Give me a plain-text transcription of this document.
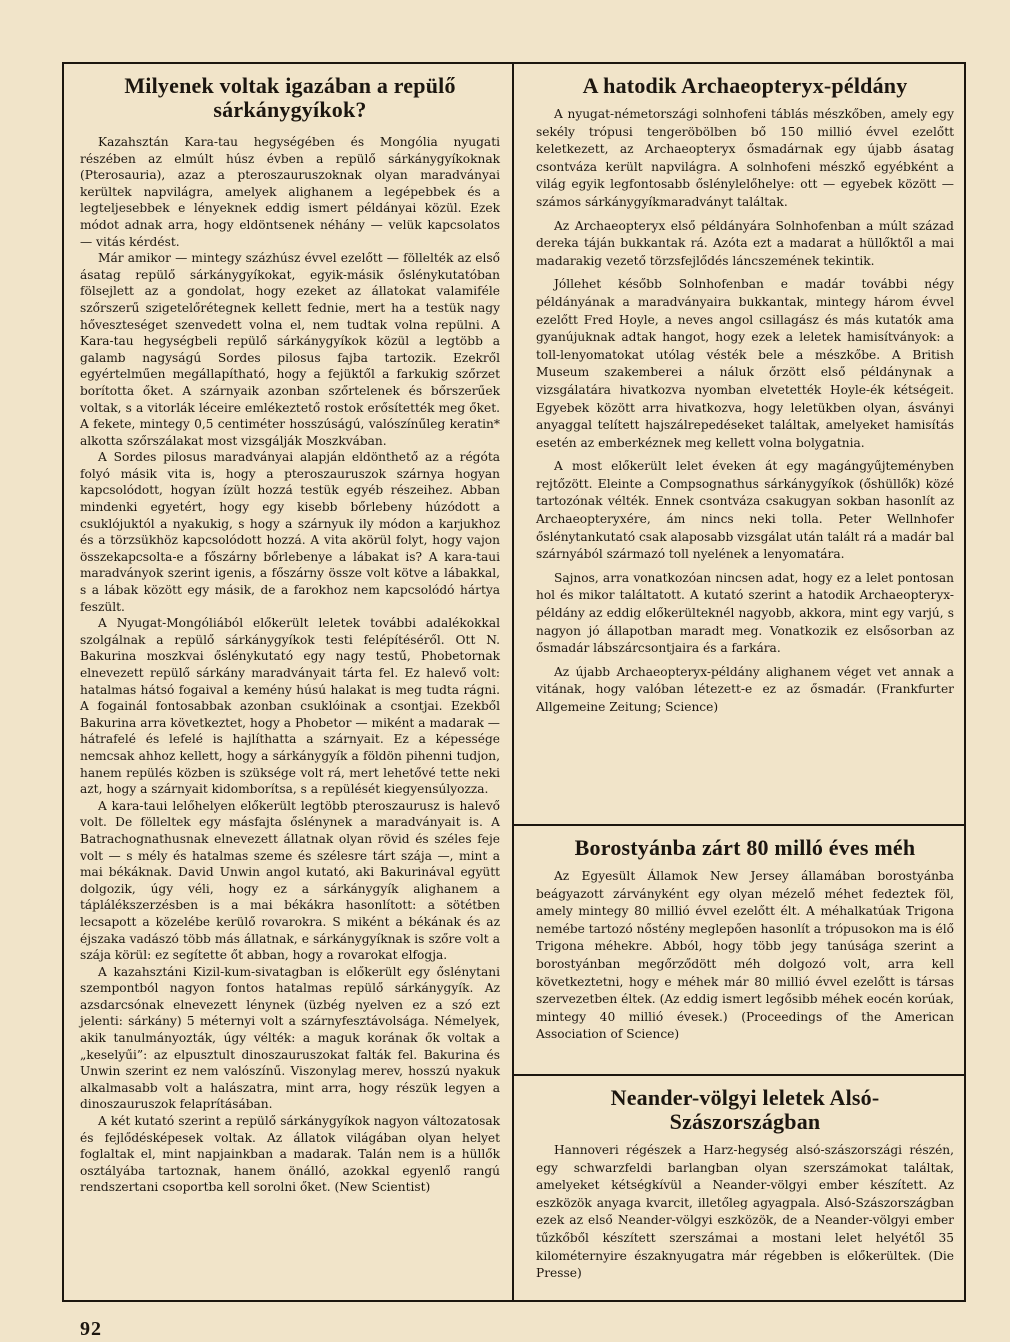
Milyenek voltak igazában a repülő sárkánygyíkok?

Kazahsztán Kara-tau hegységében és Mongólia nyugati részében az elmúlt húsz évben a repülő sárkánygyíkoknak (Pterosauria), azaz a pteroszauruszoknak olyan maradványai kerültek napvilágra, amelyek alighanem a legépebbek és a legteljesebbek e lényeknek eddig ismert példányai közül. Ezek módot adnak arra, hogy eldöntsenek néhány — velük kapcsolatos — vitás kérdést.

Már amikor — mintegy százhúsz évvel ezelőtt — föllelték az első ásatag repülő sárkánygyíkokat, egyik-másik őslénykutatóban fölsejlett az a gondolat, hogy ezeket az állatokat valamiféle szőrszerű szigetelőrétegnek kellett fednie, mert ha a testük nagy hőveszteséget szenvedett volna el, nem tudtak volna repülni. A Kara-tau hegységbeli repülő sárkánygyíkok közül a legtöbb a galamb nagyságú Sordes pilosus fajba tartozik. Ezekről egyértelműen megállapítható, hogy a fejüktől a farkukig szőrzet borította őket. A szárnyaik azonban szőrtelenek és bőrszerűek voltak, s a vitorlák léceire emlékeztető rostok erősítették meg őket. A fekete, mintegy 0,5 centiméter hosszúságú, valószínűleg keratin* alkotta szőrszálakat most vizsgálják Moszkvában.

A Sordes pilosus maradványai alapján eldönthető az a régóta folyó másik vita is, hogy a pteroszauruszok szárnya hogyan kapcsolódott, hogyan ízült hozzá testük egyéb részeihez. Abban mindenki egyetért, hogy egy kisebb bőrlebeny húzódott a csuklójuktól a nyakukig, s hogy a szárnyuk ily módon a karjukhoz és a törzsükhöz kapcsolódott hozzá. A vita akörül folyt, hogy vajon összekapcsolta-e a főszárny bőrlebenye a lábakat is? A kara-taui maradványok szerint igenis, a főszárny össze volt kötve a lábakkal, s a lábak között egy másik, de a farokhoz nem kapcsolódó hártya feszült.

A Nyugat-Mongóliából előkerült leletek további adalékokkal szolgálnak a repülő sárkánygyíkok testi felépítéséről. Ott N. Bakurina moszkvai őslénykutató egy nagy testű, Phobetornak elnevezett repülő sárkány maradványait tárta fel. Ez halevő volt: hatalmas hátsó fogaival a kemény húsú halakat is meg tudta rágni. A fogainál fontosabbak azonban csuklóinak a csontjai. Ezekből Bakurina arra következtet, hogy a Phobetor — miként a madarak — hátrafelé és lefelé is hajlíthatta a szárnyait. Ez a képessége nemcsak ahhoz kellett, hogy a sárkánygyík a földön pihenni tudjon, hanem repülés közben is szüksége volt rá, mert lehetővé tette neki azt, hogy a szárnyait kidomborítsa, s a repülését kiegyensúlyozza.

A kara-taui lelőhelyen előkerült legtöbb pteroszaurusz is halevő volt. De fölleltek egy másfajta őslénynek a maradványait is. A Batrachognathusnak elnevezett állatnak olyan rövid és széles feje volt — s mély és hatalmas szeme és szélesre tárt szája —, mint a mai békáknak. David Unwin angol kutató, aki Bakurinával együtt dolgozik, úgy véli, hogy ez a sárkánygyík alighanem a táplálékszerzésben is a mai békákra hasonlított: a sötétben lecsapott a közelébe kerülő rovarokra. S miként a békának és az éjszaka vadászó több más állatnak, e sárkánygyíknak is szőre volt a szája körül: ez segítette őt abban, hogy a rovarokat elfogja.

A kazahsztáni Kizil-kum-sivatagban is előkerült egy őslénytani szempontból nagyon fontos hatalmas repülő sárkánygyík. Az azsdarcsónak elnevezett lénynek (üzbég nyelven ez a szó ezt jelenti: sárkány) 5 méternyi volt a szárnyfesztávolsága. Némelyek, akik tanulmányozták, úgy vélték: a maguk korának ők voltak a „keselyűi”: az elpusztult dinoszauruszokat falták fel. Bakurina és Unwin szerint ez nem valószínű. Viszonylag merev, hosszú nyakuk alkalmasabb volt a halászatra, mint arra, hogy részük legyen a dinoszauruszok felaprításában.

A két kutató szerint a repülő sárkánygyíkok nagyon változatosak és fejlődésképesek voltak. Az állatok világában olyan helyet foglaltak el, mint napjainkban a madarak. Talán nem is a hüllők osztályába tartoznak, hanem önálló, azokkal egyenlő rangú rendszertani csoportba kell sorolni őket. (New Scientist)

A hatodik Archaeopteryx-példány

A nyugat-németországi solnhofeni táblás mészkőben, amely egy sekély trópusi tengeröbölben bő 150 millió évvel ezelőtt keletkezett, az Archaeopteryx ősmadárnak egy újabb ásatag csontváza került napvilágra. A solnhofeni mészkő egyébként a világ egyik legfontosabb őslénylelőhelye: ott — egyebek között — számos sárkánygyíkmaradványt találtak.

Az Archaeopteryx első példányára Solnhofenban a múlt század dereka táján bukkantak rá. Azóta ezt a madarat a hüllőktől a mai madarakig vezető törzsfejlődés láncszemének tekintik.

Jóllehet később Solnhofenban e madár további négy példányának a maradványaira bukkantak, mintegy három évvel ezelőtt Fred Hoyle, a neves angol csillagász és más kutatók ama gyanújuknak adtak hangot, hogy ezek a leletek hamisítványok: a toll-lenyomatokat utólag vésték bele a mészkőbe. A British Museum szakemberei a náluk őrzött első példánynak a vizsgálatára hivatkozva nyomban elvetették Hoyle-ék kétségeit. Egyebek között arra hivatkozva, hogy leletükben olyan, ásványi anyaggal telített hajszálrepedéseket találtak, amelyeket hamisítás esetén az emberkéznek meg kellett volna bolygatnia.

A most előkerült lelet éveken át egy magángyűjteményben rejtőzött. Eleinte a Compsognathus sárkánygyíkok (őshüllők) közé tartozónak vélték. Ennek csontváza csakugyan sokban hasonlít az Archaeopteryxére, ám nincs neki tolla. Peter Wellnhofer őslénytankutató csak alaposabb vizsgálat után talált rá a madár bal szárnyából származó toll nyelének a lenyomatára.

Sajnos, arra vonatkozóan nincsen adat, hogy ez a lelet pontosan hol és mikor találtatott. A kutató szerint a hatodik Archaeopteryx-példány az eddig előkerülteknél nagyobb, akkora, mint egy varjú, s nagyon jó állapotban maradt meg. Vonatkozik ez elsősorban az ősmadár lábszárcsontjaira és a farkára.

Az újabb Archaeopteryx-példány alighanem véget vet annak a vitának, hogy valóban létezett-e ez az ősmadár. (Frankfurter Allgemeine Zeitung; Science)

Borostyánba zárt 80 milló éves méh

Az Egyesült Államok New Jersey államában borostyánba beágyazott zárványként egy olyan mézelő méhet fedeztek föl, amely mintegy 80 millió évvel ezelőtt élt. A méhalkatúak Trigona nemébe tartozó nőstény meglepően hasonlít a trópusokon ma is élő Trigona méhekre. Abból, hogy több jegy tanúsága szerint a borostyánban megőrződött méh dolgozó volt, arra kell következtetni, hogy e méhek már 80 millió évvel ezelőtt is társas szervezetben éltek. (Az eddig ismert legősibb méhek eocén korúak, mintegy 40 millió évesek.) (Proceedings of the American Association of Science)

Neander-völgyi leletek Alsó-Szászországban

Hannoveri régészek a Harz-hegység alsó-szászországi részén, egy schwarzfeldi barlangban olyan szerszámokat találtak, amelyeket kétségkívül a Neander-völgyi ember készített. Az eszközök anyaga kvarcit, illetőleg agyagpala. Alsó-Szászországban ezek az első Neander-völgyi eszközök, de a Neander-völgyi ember tűzkőből készített szerszámai a mostani lelet helyétől 35 kilométernyire északnyugatra már régebben is előkerültek. (Die Presse)

92
